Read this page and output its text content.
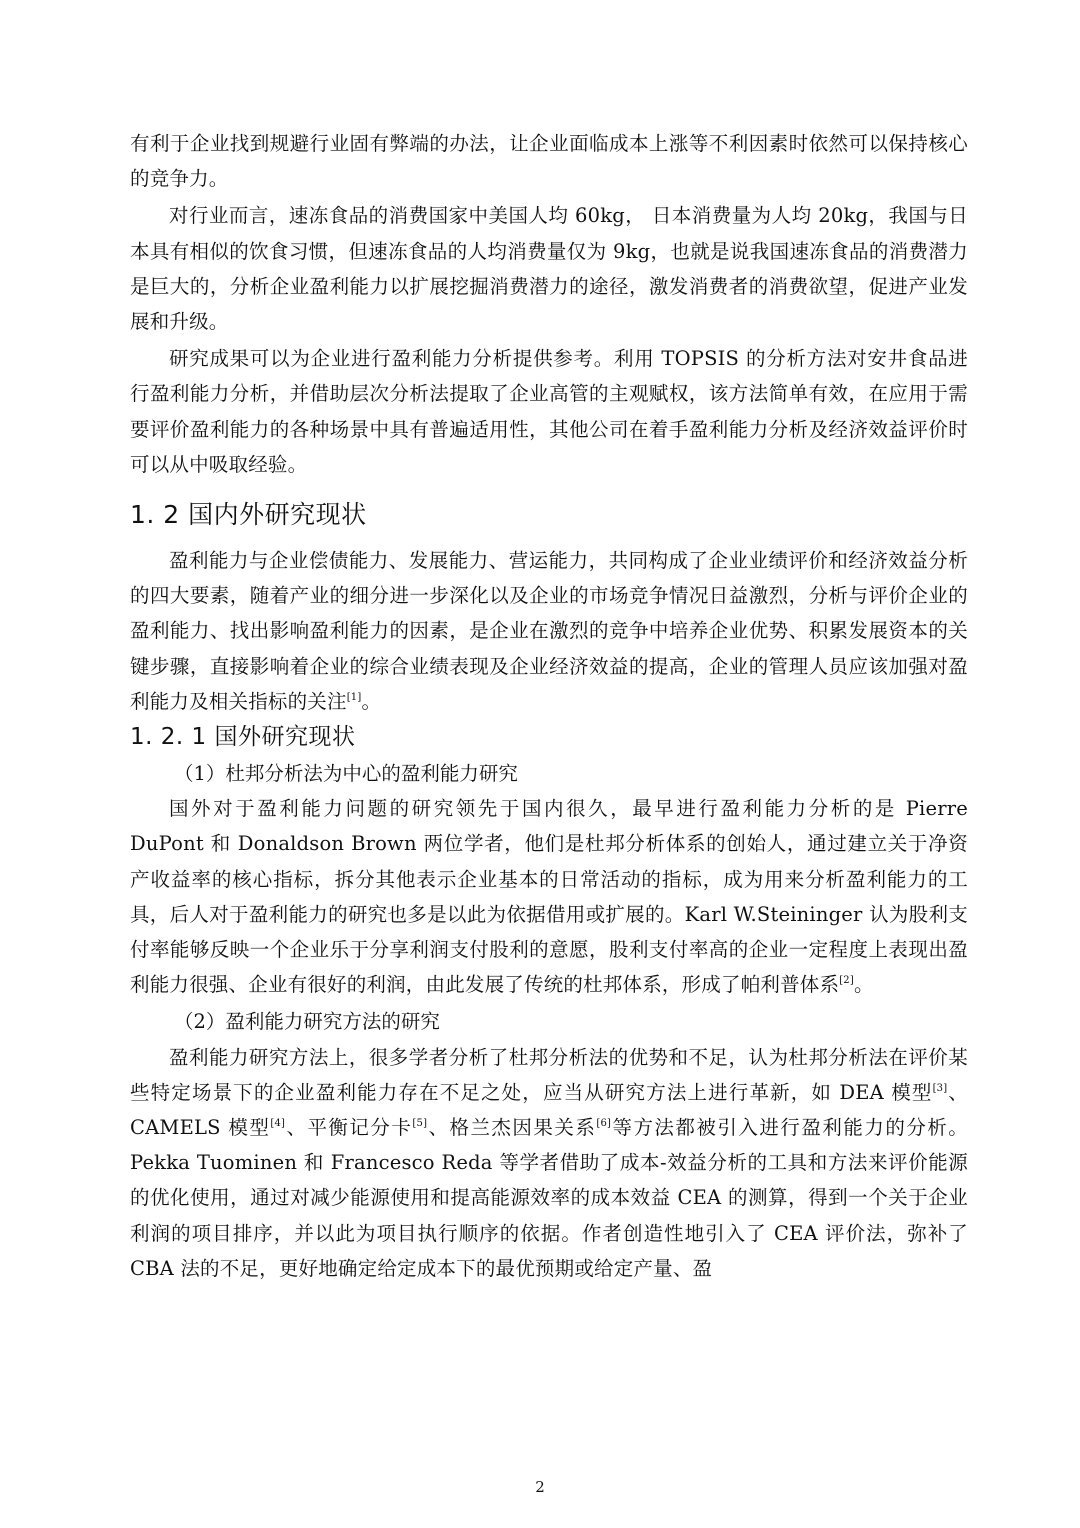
有利于企业找到规避行业固有弊端的办法，让企业面临成本上涨等不利因素时依然可以保持核心的竞争力。

对行业而言，速冻食品的消费国家中美国人均 60kg， 日本消费量为人均 20kg，我国与日本具有相似的饮食习惯，但速冻食品的人均消费量仅为 9kg，也就是说我国速冻食品的消费潜力是巨大的，分析企业盈利能力以扩展挖掘消费潜力的途径，激发消费者的消费欲望，促进产业发展和升级。

研究成果可以为企业进行盈利能力分析提供参考。利用 TOPSIS 的分析方法对安井食品进行盈利能力分析，并借助层次分析法提取了企业高管的主观赋权，该方法简单有效，在应用于需要评价盈利能力的各种场景中具有普遍适用性，其他公司在着手盈利能力分析及经济效益评价时可以从中吸取经验。

1. 2 国内外研究现状

盈利能力与企业偿债能力、发展能力、营运能力，共同构成了企业业绩评价和经济效益分析的四大要素，随着产业的细分进一步深化以及企业的市场竞争情况日益激烈，分析与评价企业的盈利能力、找出影响盈利能力的因素，是企业在激烈的竞争中培养企业优势、积累发展资本的关键步骤，直接影响着企业的综合业绩表现及企业经济效益的提高，企业的管理人员应该加强对盈利能力及相关指标的关注[1]。

1. 2. 1 国外研究现状
（1）杜邦分析法为中心的盈利能力研究

国外对于盈利能力问题的研究领先于国内很久，最早进行盈利能力分析的是 Pierre DuPont 和 Donaldson Brown 两位学者，他们是杜邦分析体系的创始人，通过建立关于净资产收益率的核心指标，拆分其他表示企业基本的日常活动的指标，成为用来分析盈利能力的工具，后人对于盈利能力的研究也多是以此为依据借用或扩展的。Karl W.Steininger 认为股利支付率能够反映一个企业乐于分享利润支付股利的意愿，股利支付率高的企业一定程度上表现出盈利能力很强、企业有很好的利润，由此发展了传统的杜邦体系，形成了帕利普体系[2]。

（2）盈利能力研究方法的研究

盈利能力研究方法上，很多学者分析了杜邦分析法的优势和不足，认为杜邦分析法在评价某些特定场景下的企业盈利能力存在不足之处，应当从研究方法上进行革新，如 DEA 模型[3]、CAMELS 模型[4]、平衡记分卡[5]、格兰杰因果关系[6]等方法都被引入进行盈利能力的分析。Pekka Tuominen 和 Francesco Reda 等学者借助了成本-效益分析的工具和方法来评价能源的优化使用，通过对减少能源使用和提高能源效率的成本效益 CEA 的测算，得到一个关于企业利润的项目排序，并以此为项目执行顺序的依据。作者创造性地引入了 CEA 评价法，弥补了CBA 法的不足，更好地确定给定成本下的最优预期或给定产量、盈

2
